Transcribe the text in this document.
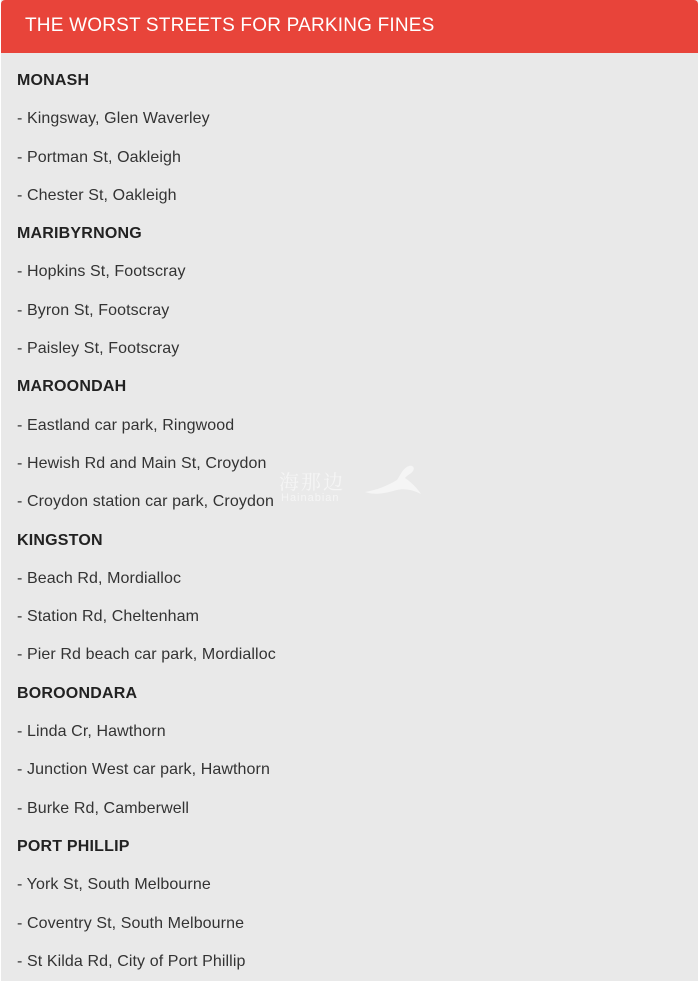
THE WORST STREETS FOR PARKING FINES
MONASH
- Kingsway, Glen Waverley
- Portman St, Oakleigh
- Chester St, Oakleigh
MARIBYRNONG
- Hopkins St, Footscray
- Byron St, Footscray
- Paisley St, Footscray
MAROONDAH
- Eastland car park, Ringwood
- Hewish Rd and Main St, Croydon
- Croydon station car park, Croydon
KINGSTON
- Beach Rd, Mordialloc
- Station Rd, Cheltenham
- Pier Rd beach car park, Mordialloc
BOROONDARA
- Linda Cr, Hawthorn
- Junction West car park, Hawthorn
- Burke Rd, Camberwell
PORT PHILLIP
- York St, South Melbourne
- Coventry St, South Melbourne
- St Kilda Rd, City of Port Phillip
海那边
Hainabian
